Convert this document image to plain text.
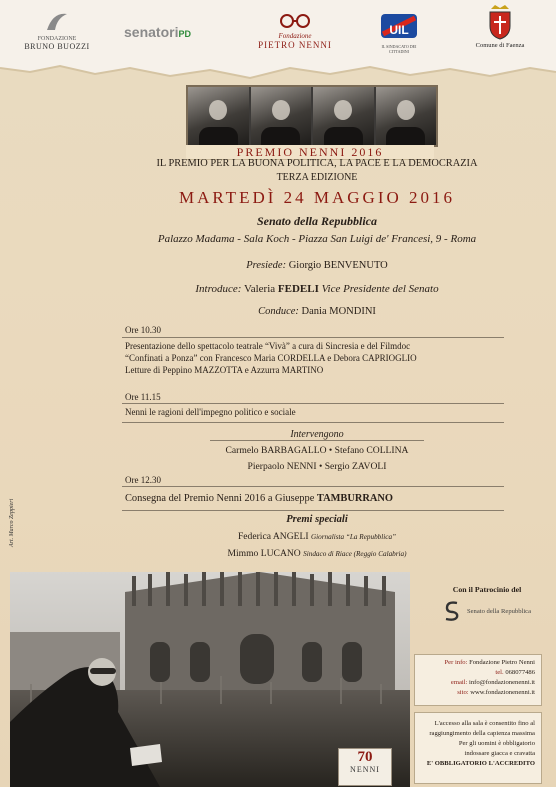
FONDAZIONE
BRUNO BUOZZI
senatoriPD	Fondazione
PIETRO NENNI
UIL
IL SINDACATO DEI CITTADINI
Comune di Faenza
PREMIO NENNI 2016
IL PREMIO PER LA BUONA POLITICA, LA PACE E LA DEMOCRAZIA
TERZA EDIZIONE
MARTEDÌ 24 MAGGIO 2016
Senato della Repubblica
Palazzo Madama - Sala Koch - Piazza San Luigi de' Francesi, 9 - Roma
Presiede: Giorgio BENVENUTO
Introduce: Valeria FEDELI Vice Presidente del Senato
Conduce: Dania MONDINI
Ore 10.30
Presentazione dello spettacolo teatrale “Vivà” a cura di Sincresia e del Filmdoc
“Confinati a Ponza” con Francesco Maria CORDELLA e Debora CAPRIOGLIO
Letture di Peppino MAZZOTTA e Azzurra MARTINO
Ore 11.15
Nenni le ragioni dell'impegno politico e sociale
Intervengono
Carmelo BARBAGALLO • Stefano COLLINA
Pierpaolo NENNI • Sergio ZAVOLI
Ore 12.30
Consegna del Premio Nenni 2016 a Giuseppe TAMBURRANO
Premi speciali
Federica ANGELI Giornalista “La Repubblica”
Mimmo LUCANO Sindaco di Riace (Reggio Calabria)
Art. Marco Zeppieri
Con il Patrocinio del
Senato della Repubblica
Per info: Fondazione Pietro Nenni
tel. 068077486
email: info@fondazionenenni.it
sito: www.fondazionenenni.it
L'accesso alla sala è consentito fino al
raggiungimento della capienza massima
Per gli uomini è obbligatorio
indossare giacca e cravatta
E' OBBLIGATORIO L'ACCREDITO
70
NENNI
